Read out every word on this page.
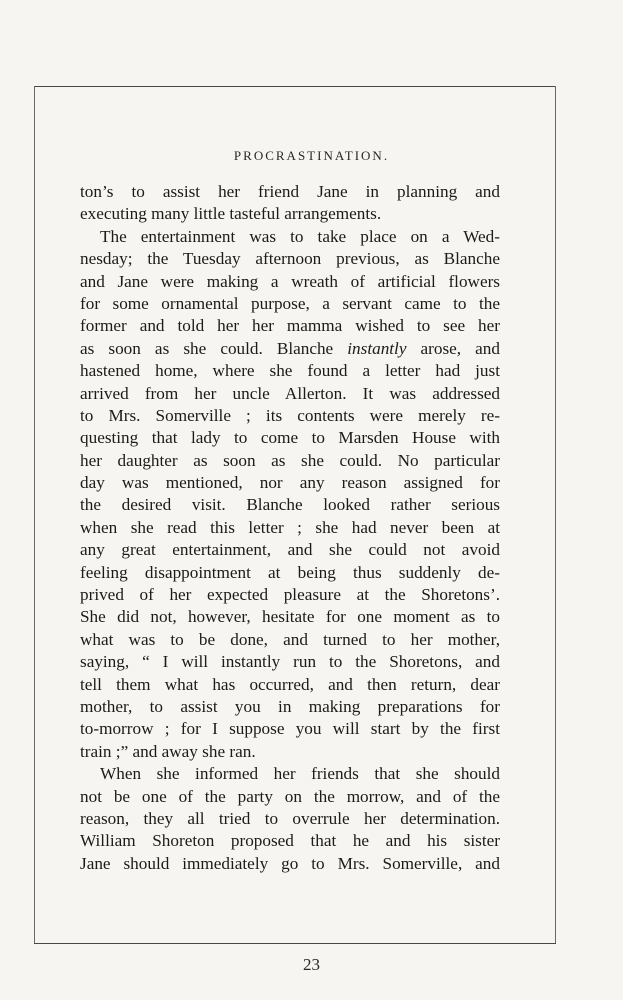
PROCRASTINATION.
ton’s to assist her friend Jane in planning and
executing many little tasteful arrangements.
The entertainment was to take place on a Wed-
nesday; the Tuesday afternoon previous, as Blanche
and Jane were making a wreath of artificial flowers
for some ornamental purpose, a servant came to the
former and told her her mamma wished to see her
as soon as she could. Blanche instantly arose, and
hastened home, where she found a letter had just
arrived from her uncle Allerton. It was addressed
to Mrs. Somerville ; its contents were merely re-
questing that lady to come to Marsden House with
her daughter as soon as she could. No particular
day was mentioned, nor any reason assigned for
the desired visit. Blanche looked rather serious
when she read this letter ; she had never been at
any great entertainment, and she could not avoid
feeling disappointment at being thus suddenly de-
prived of her expected pleasure at the Shoretons’.
She did not, however, hesitate for one moment as to
what was to be done, and turned to her mother,
saying, “ I will instantly run to the Shoretons, and
tell them what has occurred, and then return, dear
mother, to assist you in making preparations for
to-morrow ; for I suppose you will start by the first
train ;” and away she ran.
When she informed her friends that she should
not be one of the party on the morrow, and of the
reason, they all tried to overrule her determination.
William Shoreton proposed that he and his sister
Jane should immediately go to Mrs. Somerville, and
23
